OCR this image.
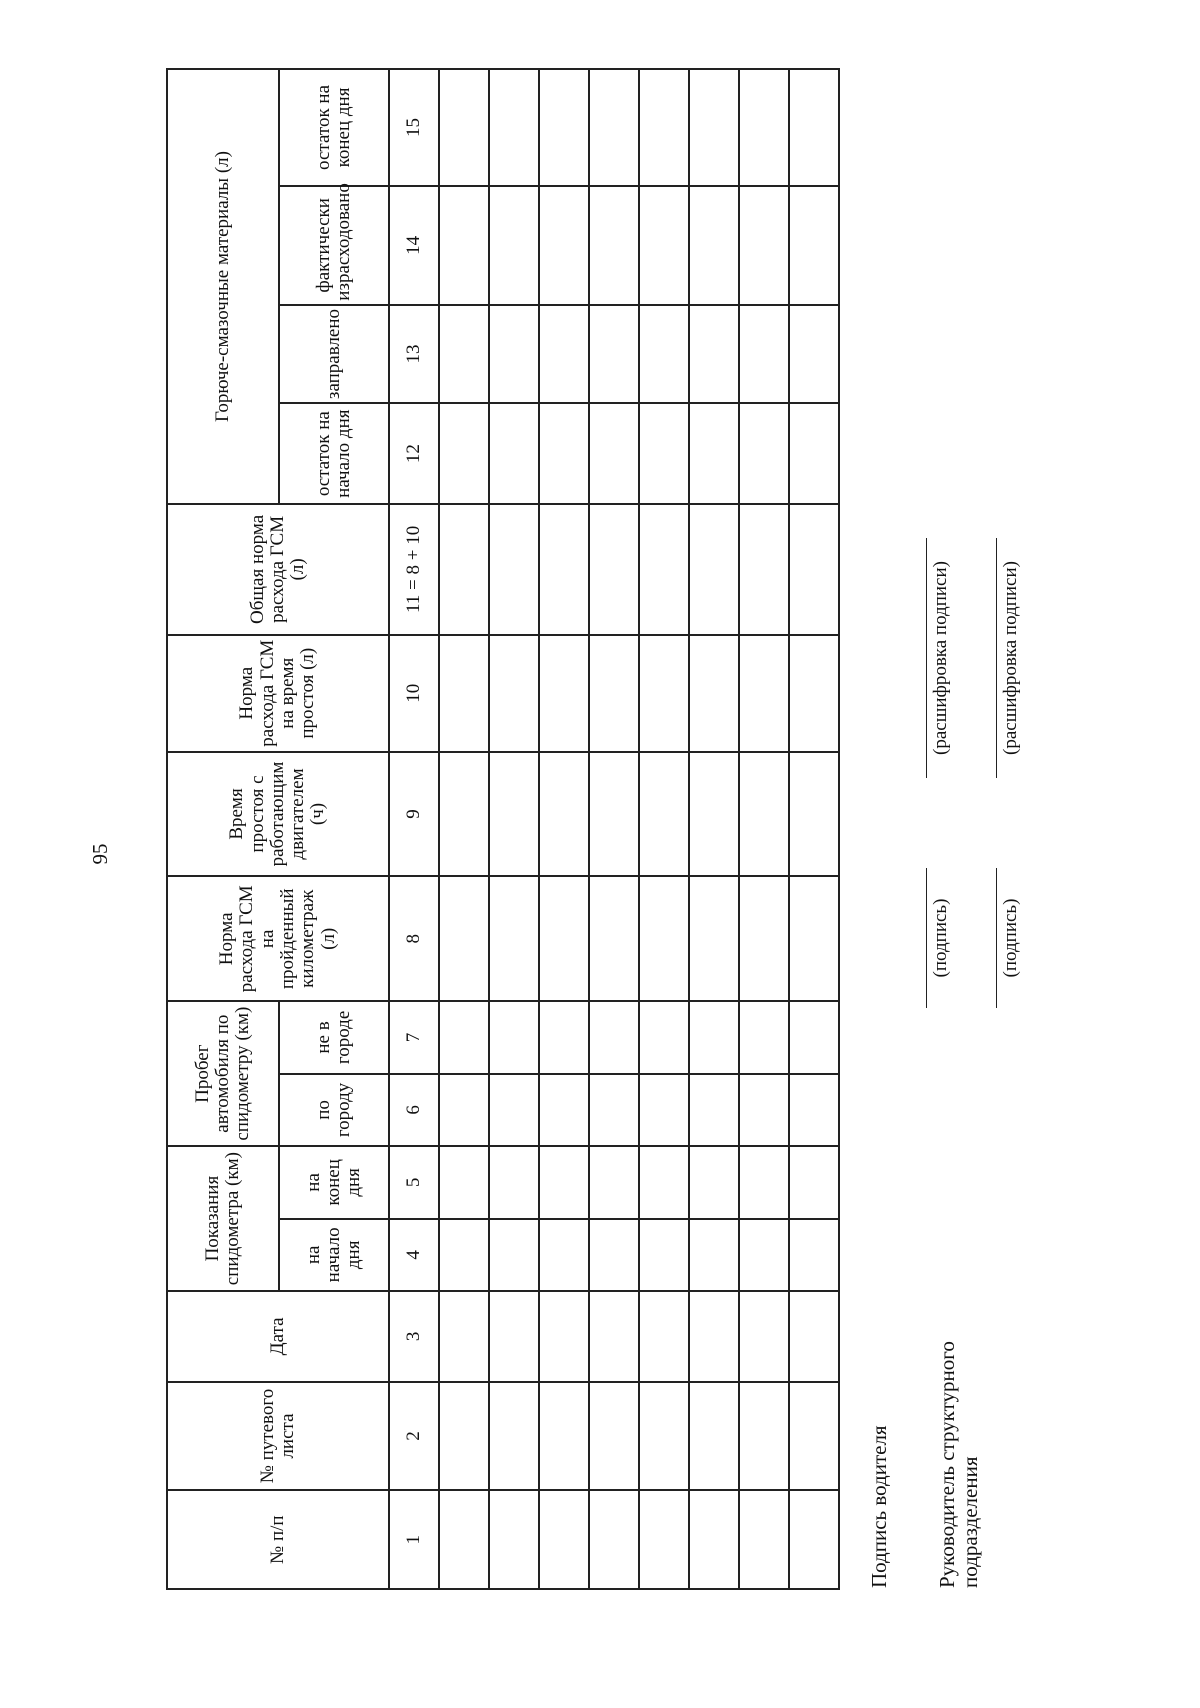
95
№ п/п	№ путевого листа	Дата	Показания спидометра (км)		Пробег автомобиля по спидометру (км)		Норма расхода ГСМ на пройденный километраж (л)	Время простоя с работающим двигателем (ч)	Норма расхода ГСМ на время простоя (л)	Общая норма расхода ГСМ (л)	Горюче-смазочные материалы (л)			
			на начало дня	на конец дня	по городу	не в городе					остаток на начало дня	заправлено	фактически израсходовано	остаток на конец дня
1	2	3	4	5	6	7	8	9	10	11 = 8 + 10	12	13	14	15

Подпись водителя
(подпись)
(расшифровка подписи)
Руководитель структурного подразделения
(подпись)
(расшифровка подписи)
